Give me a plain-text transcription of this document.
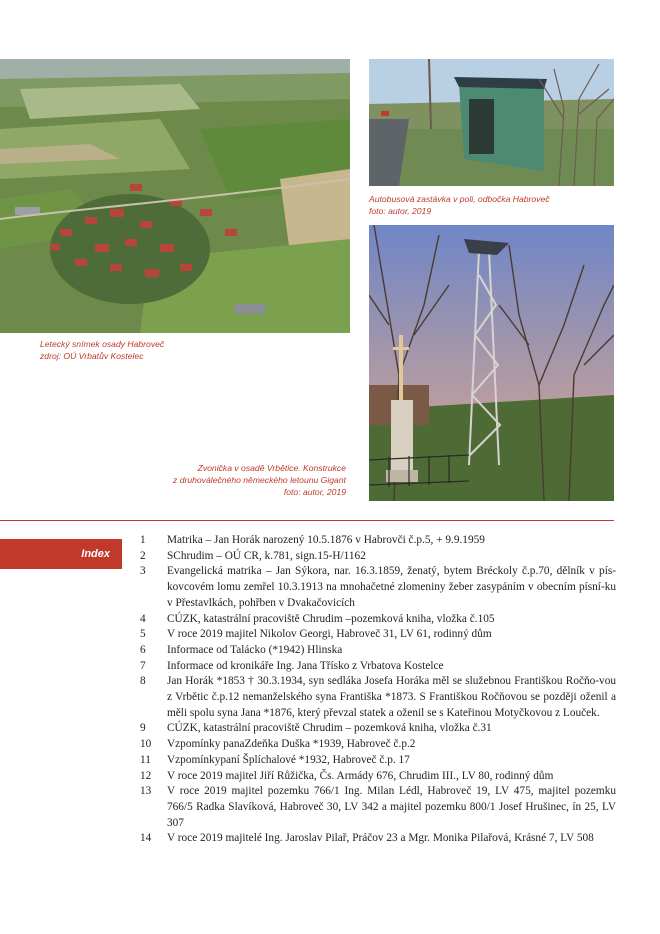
Letecký snímek osady Habroveč
zdroj: OÚ Vrbatův Kostelec
Autobusová zastávka v poli, odbočka Habroveč
foto: autor, 2019
Zvonička v osadě Vrbětice. Konstrukce
z druhoválečného německého letounu Gigant
foto: autor, 2019
Index
1	Matrika – Jan Horák narozený 10.5.1876 v Habrovči č.p.5, + 9.9.1959
2	SChrudim – OÚ CR, k.781, sign.15-H/1162
3	Evangelická matrika – Jan Sýkora, nar. 16.3.1859, ženatý, bytem Bréckoly č.p.70, dělník v pís-kovcovém lomu zemřel 10.3.1913 na mnohačetné zlomeniny žeber zasypáním v obecním písní-ku v Přestavlkách, pohřben v Dvakačovicích
4	CÚZK, katastrální pracoviště Chrudim –pozemková kniha, vložka č.105
5	V roce 2019 majitel Nikolov Georgi, Habroveč 31, LV 61, rodinný dům
6	Informace od Talácko (*1942) Hlinska
7	Informace od kronikáře Ing. Jana Třísko z Vrbatova Kostelce
8	Jan Horák *1853 † 30.3.1934, syn sedláka Josefa Horáka měl se služebnou Františkou Ročňo-vou z Vrbětic č.p.12 nemanželského syna Františka *1873. S Františkou Ročňovou se později oženil a měli spolu syna Jana *1876, který převzal statek a oženil se s Kateřinou Motyčkovou z Louček.
9	CÚZK, katastrální pracoviště Chrudim – pozemková kniha, vložka č.31
10	Vzpomínky panaZdeňka Duška *1939, Habroveč č.p.2
11	Vzpomínkypaní Šplíchalové *1932, Habroveč č.p. 17
12	V roce 2019 majitel Jiří Růžička, Čs. Armády 676, Chrudim III., LV 80, rodinný dům
13	V roce 2019 majitel pozemku 766/1 Ing. Milan Lédl, Habroveč 19, LV 475, majitel pozemku 766/5 Radka Slavíková, Habroveč 30, LV 342 a majitel pozemku 800/1 Josef Hrušinec, ín 25, LV 307
14	V roce 2019 majitelé Ing. Jaroslav Pilař, Práčov 23 a Mgr. Monika Pilařová, Krásné 7, LV 508
